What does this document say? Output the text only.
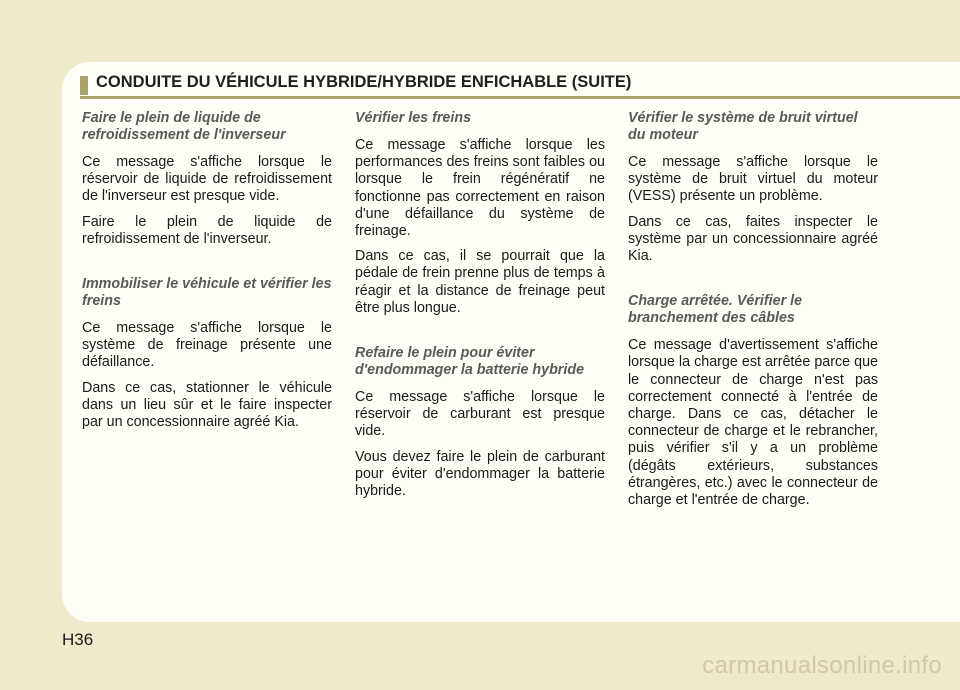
CONDUITE DU VÉHICULE HYBRIDE/HYBRIDE ENFICHABLE (SUITE)
Faire le plein de liquide de refroidissement de l'inverseur
Ce message s'affiche lorsque le réservoir de liquide de refroidissement de l'inverseur est presque vide.
Faire le plein de liquide de refroidissement de l'inverseur.
Immobiliser le véhicule et vérifier les freins
Ce message s'affiche lorsque le système de freinage présente une défaillance.
Dans ce cas, stationner le véhicule dans un lieu sûr et le faire inspecter par un concessionnaire agréé Kia.
Vérifier les freins
Ce message s'affiche lorsque les performances des freins sont faibles ou lorsque le frein régénératif ne fonctionne pas correctement en raison d'une défaillance du système de freinage.
Dans ce cas, il se pourrait que la pédale de frein prenne plus de temps à réagir et la distance de freinage peut être plus longue.
Refaire le plein pour éviter d'endommager la batterie hybride
Ce message s'affiche lorsque le réservoir de carburant est presque vide.
Vous devez faire le plein de carburant pour éviter d'endommager la batterie hybride.
Vérifier le système de bruit virtuel du moteur
Ce message s'affiche lorsque le système de bruit virtuel du moteur (VESS) présente un problème.
Dans ce cas, faites inspecter le système par un concessionnaire agréé Kia.
Charge arrêtée. Vérifier le branchement des câbles
Ce message d'avertissement s'affiche lorsque la charge est arrêtée parce que le connecteur de charge n'est pas correctement connecté à l'entrée de charge. Dans ce cas, détacher le connecteur de charge et le rebrancher, puis vérifier s'il y a un problème (dégâts extérieurs, substances étrangères, etc.) avec le connecteur de charge et l'entrée de charge.
H36
carmanualsonline.info
